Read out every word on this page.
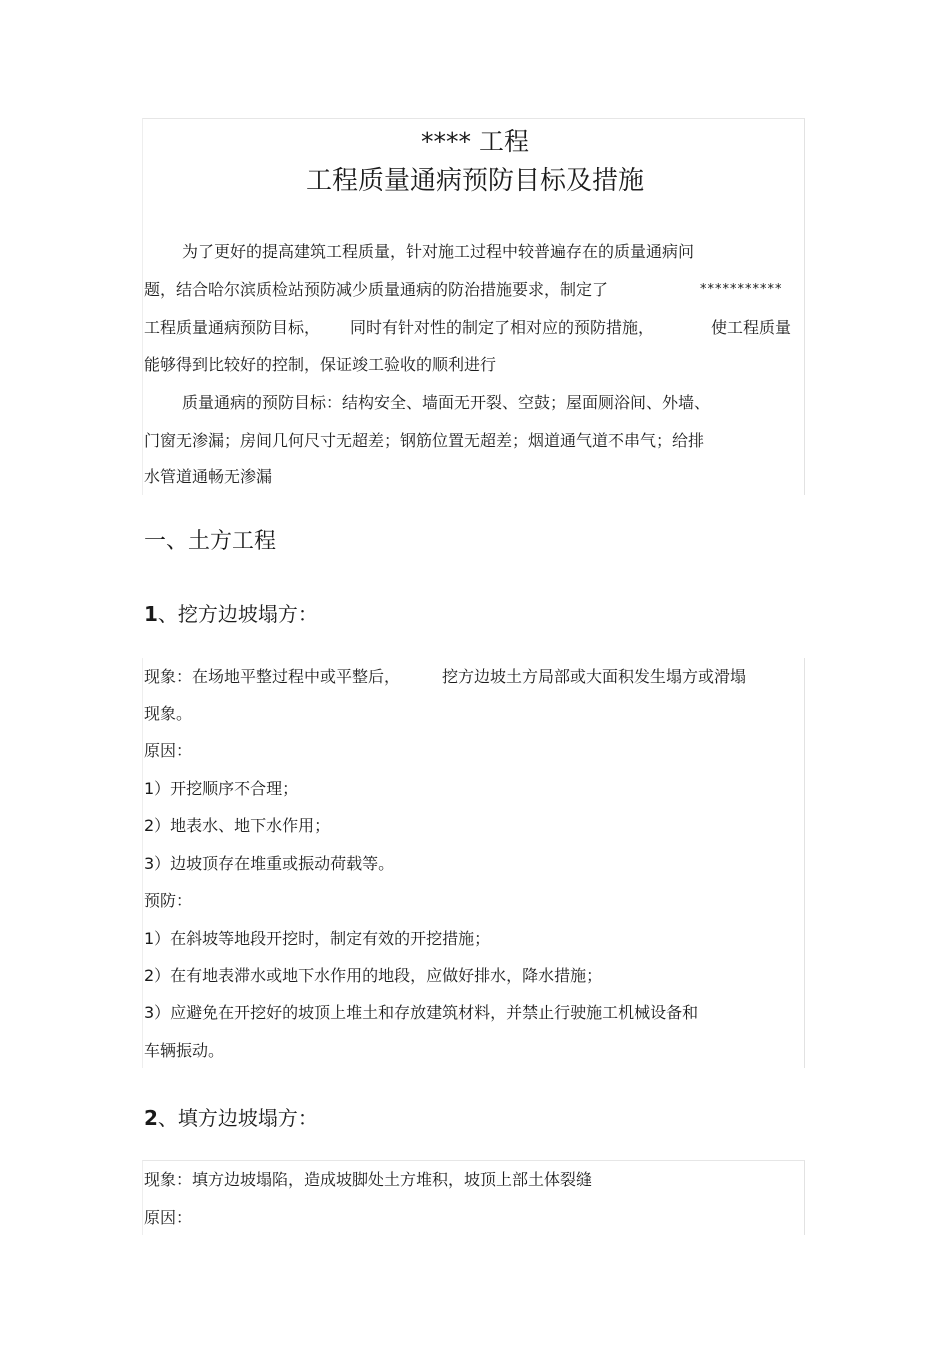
**** 工程
工程质量通病预防目标及措施
为了更好的提高建筑工程质量，针对施工过程中较普遍存在的质量通病问
题，结合哈尔滨质检站预防减少质量通病的防治措施要求，制定了	***********
工程质量通病预防目标， 同时有针对性的制定了相对应的预防措施，	使工程质量
能够得到比较好的控制，保证竣工验收的顺利进行
质量通病的预防目标：结构安全、墙面无开裂、空鼓；屋面厕浴间、外墙、
门窗无渗漏；房间几何尺寸无超差；钢筋位置无超差；烟道通气道不串气；给排
水管道通畅无渗漏
一、土方工程
1、挖方边坡塌方：
现象：在场地平整过程中或平整后，	挖方边坡土方局部或大面积发生塌方或滑塌
现象。
原因：
1）开挖顺序不合理；
2）地表水、地下水作用；
3）边坡顶存在堆重或振动荷载等。
预防：
1）在斜坡等地段开挖时，制定有效的开挖措施；
2）在有地表滞水或地下水作用的地段，应做好排水，降水措施；
3）应避免在开挖好的坡顶上堆土和存放建筑材料，并禁止行驶施工机械设备和
车辆振动。
2、填方边坡塌方：
现象：填方边坡塌陷，造成坡脚处土方堆积，坡顶上部土体裂缝
原因：
